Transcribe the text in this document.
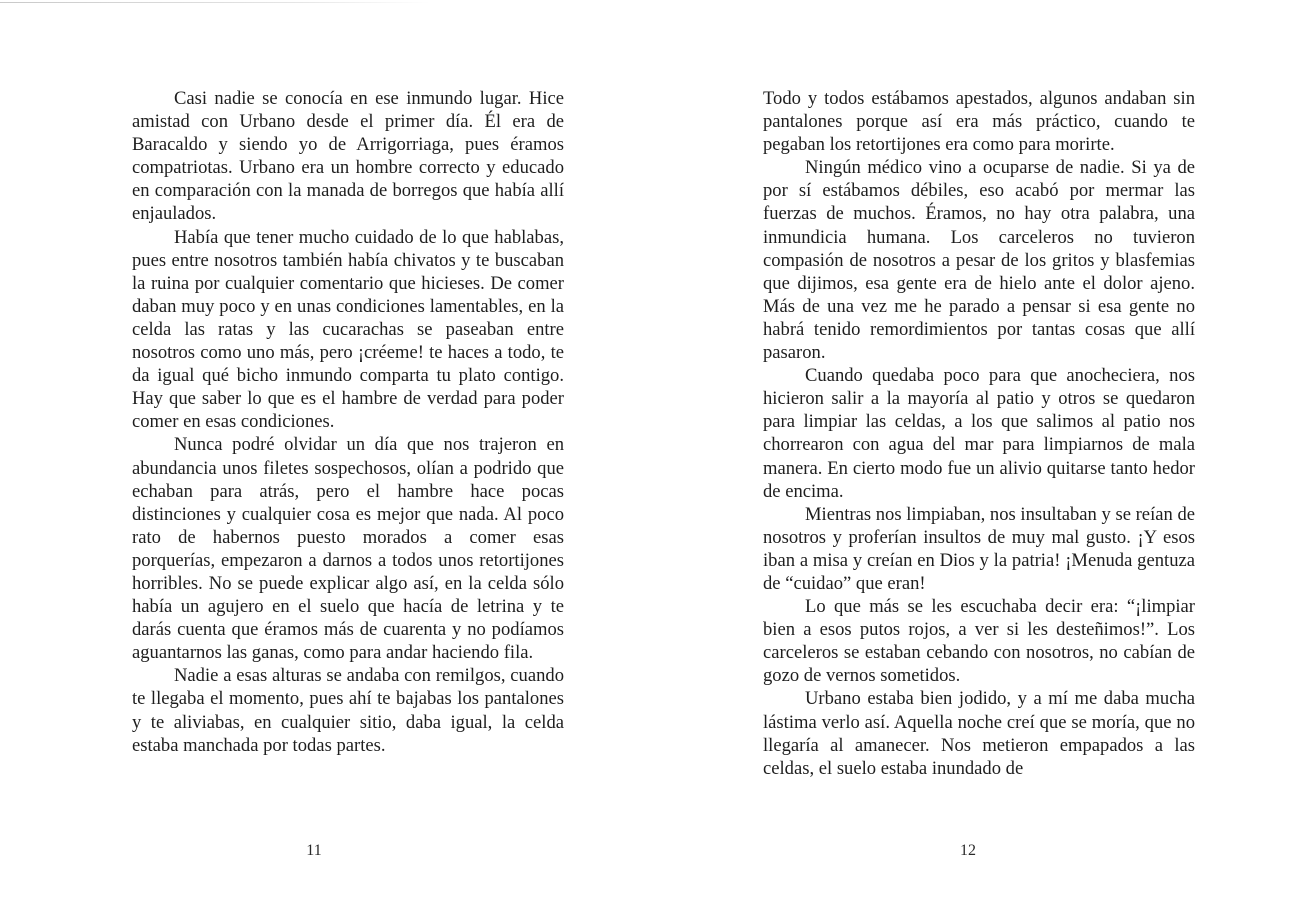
Casi nadie se conocía en ese inmundo lugar. Hice amistad con Urbano desde el primer día. Él era de Baracaldo y siendo yo de Arrigorriaga, pues éramos compatriotas. Urbano era un hombre correcto y educado en comparación con la manada de borregos que había allí enjaulados.

Había que tener mucho cuidado de lo que hablabas, pues entre nosotros también había chivatos y te buscaban la ruina por cualquier comentario que hicieses. De comer daban muy poco y en unas condiciones lamentables, en la celda las ratas y las cucarachas se paseaban entre nosotros como uno más, pero ¡créeme! te haces a todo, te da igual qué bicho inmundo comparta tu plato contigo. Hay que saber lo que es el hambre de verdad para poder comer en esas condiciones.

Nunca podré olvidar un día que nos trajeron en abundancia unos filetes sospechosos, olían a podrido que echaban para atrás, pero el hambre hace pocas distinciones y cualquier cosa es mejor que nada. Al poco rato de habernos puesto morados a comer esas porquerías, empezaron a darnos a todos unos retortijones horribles. No se puede explicar algo así, en la celda sólo había un agujero en el suelo que hacía de letrina y te darás cuenta que éramos más de cuarenta y no podíamos aguantarnos las ganas, como para andar haciendo fila.

Nadie a esas alturas se andaba con remilgos, cuando te llegaba el momento, pues ahí te bajabas los pantalones y te aliviabas, en cualquier sitio, daba igual, la celda estaba manchada por todas partes.

11

Todo y todos estábamos apestados, algunos andaban sin pantalones porque así era más práctico, cuando te pegaban los retortijones era como para morirte.

Ningún médico vino a ocuparse de nadie. Si ya de por sí estábamos débiles, eso acabó por mermar las fuerzas de muchos. Éramos, no hay otra palabra, una inmundicia humana. Los carceleros no tuvieron compasión de nosotros a pesar de los gritos y blasfemias que dijimos, esa gente era de hielo ante el dolor ajeno. Más de una vez me he parado a pensar si esa gente no habrá tenido remordimientos por tantas cosas que allí pasaron.

Cuando quedaba poco para que anocheciera, nos hicieron salir a la mayoría al patio y otros se quedaron para limpiar las celdas, a los que salimos al patio nos chorrearon con agua del mar para limpiarnos de mala manera. En cierto modo fue un alivio quitarse tanto hedor de encima.

Mientras nos limpiaban, nos insultaban y se reían de nosotros y proferían insultos de muy mal gusto. ¡Y esos iban a misa y creían en Dios y la patria! ¡Menuda gentuza de “cuidao” que eran!

Lo que más se les escuchaba decir era: “¡limpiar bien a esos putos rojos, a ver si les desteñimos!”. Los carceleros se estaban cebando con nosotros, no cabían de gozo de vernos sometidos.

Urbano estaba bien jodido, y a mí me daba mucha lástima verlo así. Aquella noche creí que se moría, que no llegaría al amanecer. Nos metieron empapados a las celdas, el suelo estaba inundado de

12
